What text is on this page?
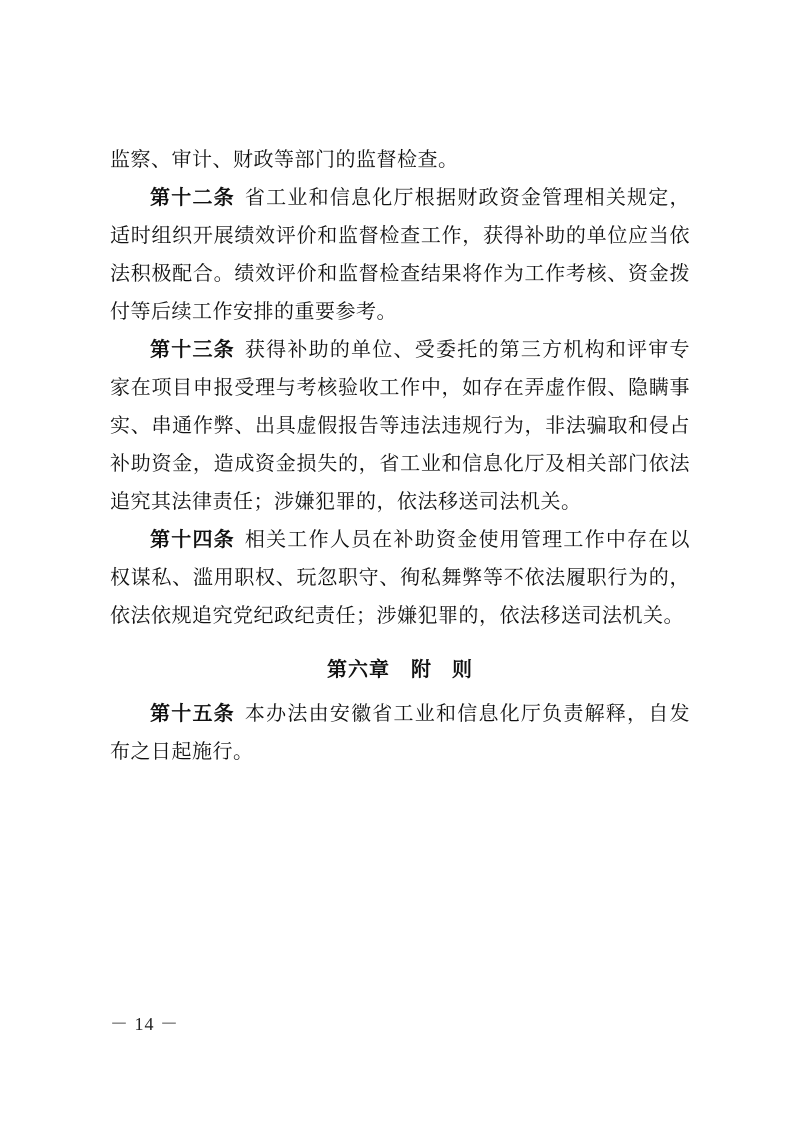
监察、审计、财政等部门的监督检查。

第十二条 省工业和信息化厅根据财政资金管理相关规定，适时组织开展绩效评价和监督检查工作，获得补助的单位应当依法积极配合。绩效评价和监督检查结果将作为工作考核、资金拨付等后续工作安排的重要参考。

第十三条 获得补助的单位、受委托的第三方机构和评审专家在项目申报受理与考核验收工作中，如存在弄虚作假、隐瞒事实、串通作弊、出具虚假报告等违法违规行为，非法骗取和侵占补助资金，造成资金损失的，省工业和信息化厅及相关部门依法追究其法律责任；涉嫌犯罪的，依法移送司法机关。

第十四条 相关工作人员在补助资金使用管理工作中存在以权谋私、滥用职权、玩忽职守、徇私舞弊等不依法履职行为的，依法依规追究党纪政纪责任；涉嫌犯罪的，依法移送司法机关。

第六章　附 则

第十五条 本办法由安徽省工业和信息化厅负责解释，自发布之日起施行。

－ 14 －
